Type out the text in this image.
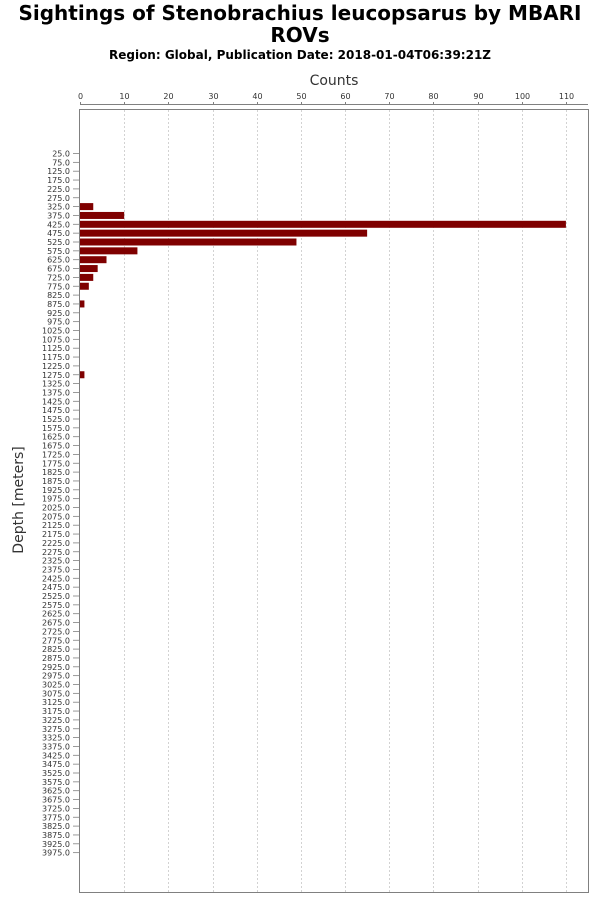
Sightings of Stenobrachius leucopsarus by MBARI ROVs
Region: Global, Publication Date: 2018-01-04T06:39:21Z
Counts
Depth [meters]
0	10	20	30	40	50	60	70	80	90	100	110
25.0
75.0
125.0
175.0
225.0
275.0
325.0
375.0
425.0
475.0
525.0
575.0
625.0
675.0
725.0
775.0
825.0
875.0
925.0
975.0
1025.0
1075.0
1125.0
1175.0
1225.0
1275.0
1325.0
1375.0
1425.0
1475.0
1525.0
1575.0
1625.0
1675.0
1725.0
1775.0
1825.0
1875.0
1925.0
1975.0
2025.0
2075.0
2125.0
2175.0
2225.0
2275.0
2325.0
2375.0
2425.0
2475.0
2525.0
2575.0
2625.0
2675.0
2725.0
2775.0
2825.0
2875.0
2925.0
2975.0
3025.0
3075.0
3125.0
3175.0
3225.0
3275.0
3325.0
3375.0
3425.0
3475.0
3525.0
3575.0
3625.0
3675.0
3725.0
3775.0
3825.0
3875.0
3925.0
3975.0
